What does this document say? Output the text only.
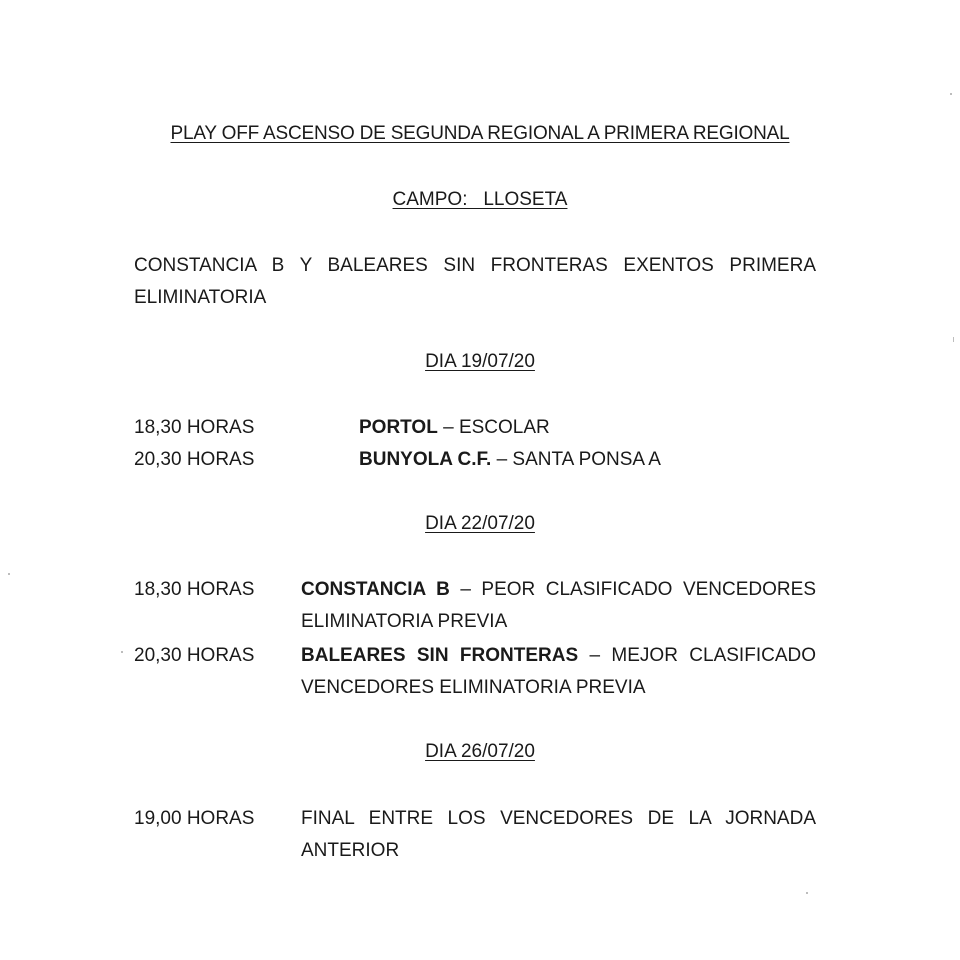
PLAY OFF ASCENSO DE SEGUNDA REGIONAL A PRIMERA REGIONAL
CAMPO:   LLOSETA
CONSTANCIA B Y BALEARES SIN FRONTERAS EXENTOS PRIMERA ELIMINATORIA
DIA 19/07/20
18,30 HORAS	PORTOL – ESCOLAR
20,30 HORAS	BUNYOLA C.F. – SANTA PONSA A
DIA 22/07/20
18,30 HORAS	CONSTANCIA B – PEOR CLASIFICADO VENCEDORES ELIMINATORIA PREVIA
20,30 HORAS	BALEARES SIN FRONTERAS – MEJOR CLASIFICADO VENCEDORES ELIMINATORIA PREVIA
DIA 26/07/20
19,00 HORAS	FINAL ENTRE LOS VENCEDORES DE LA JORNADA ANTERIOR
